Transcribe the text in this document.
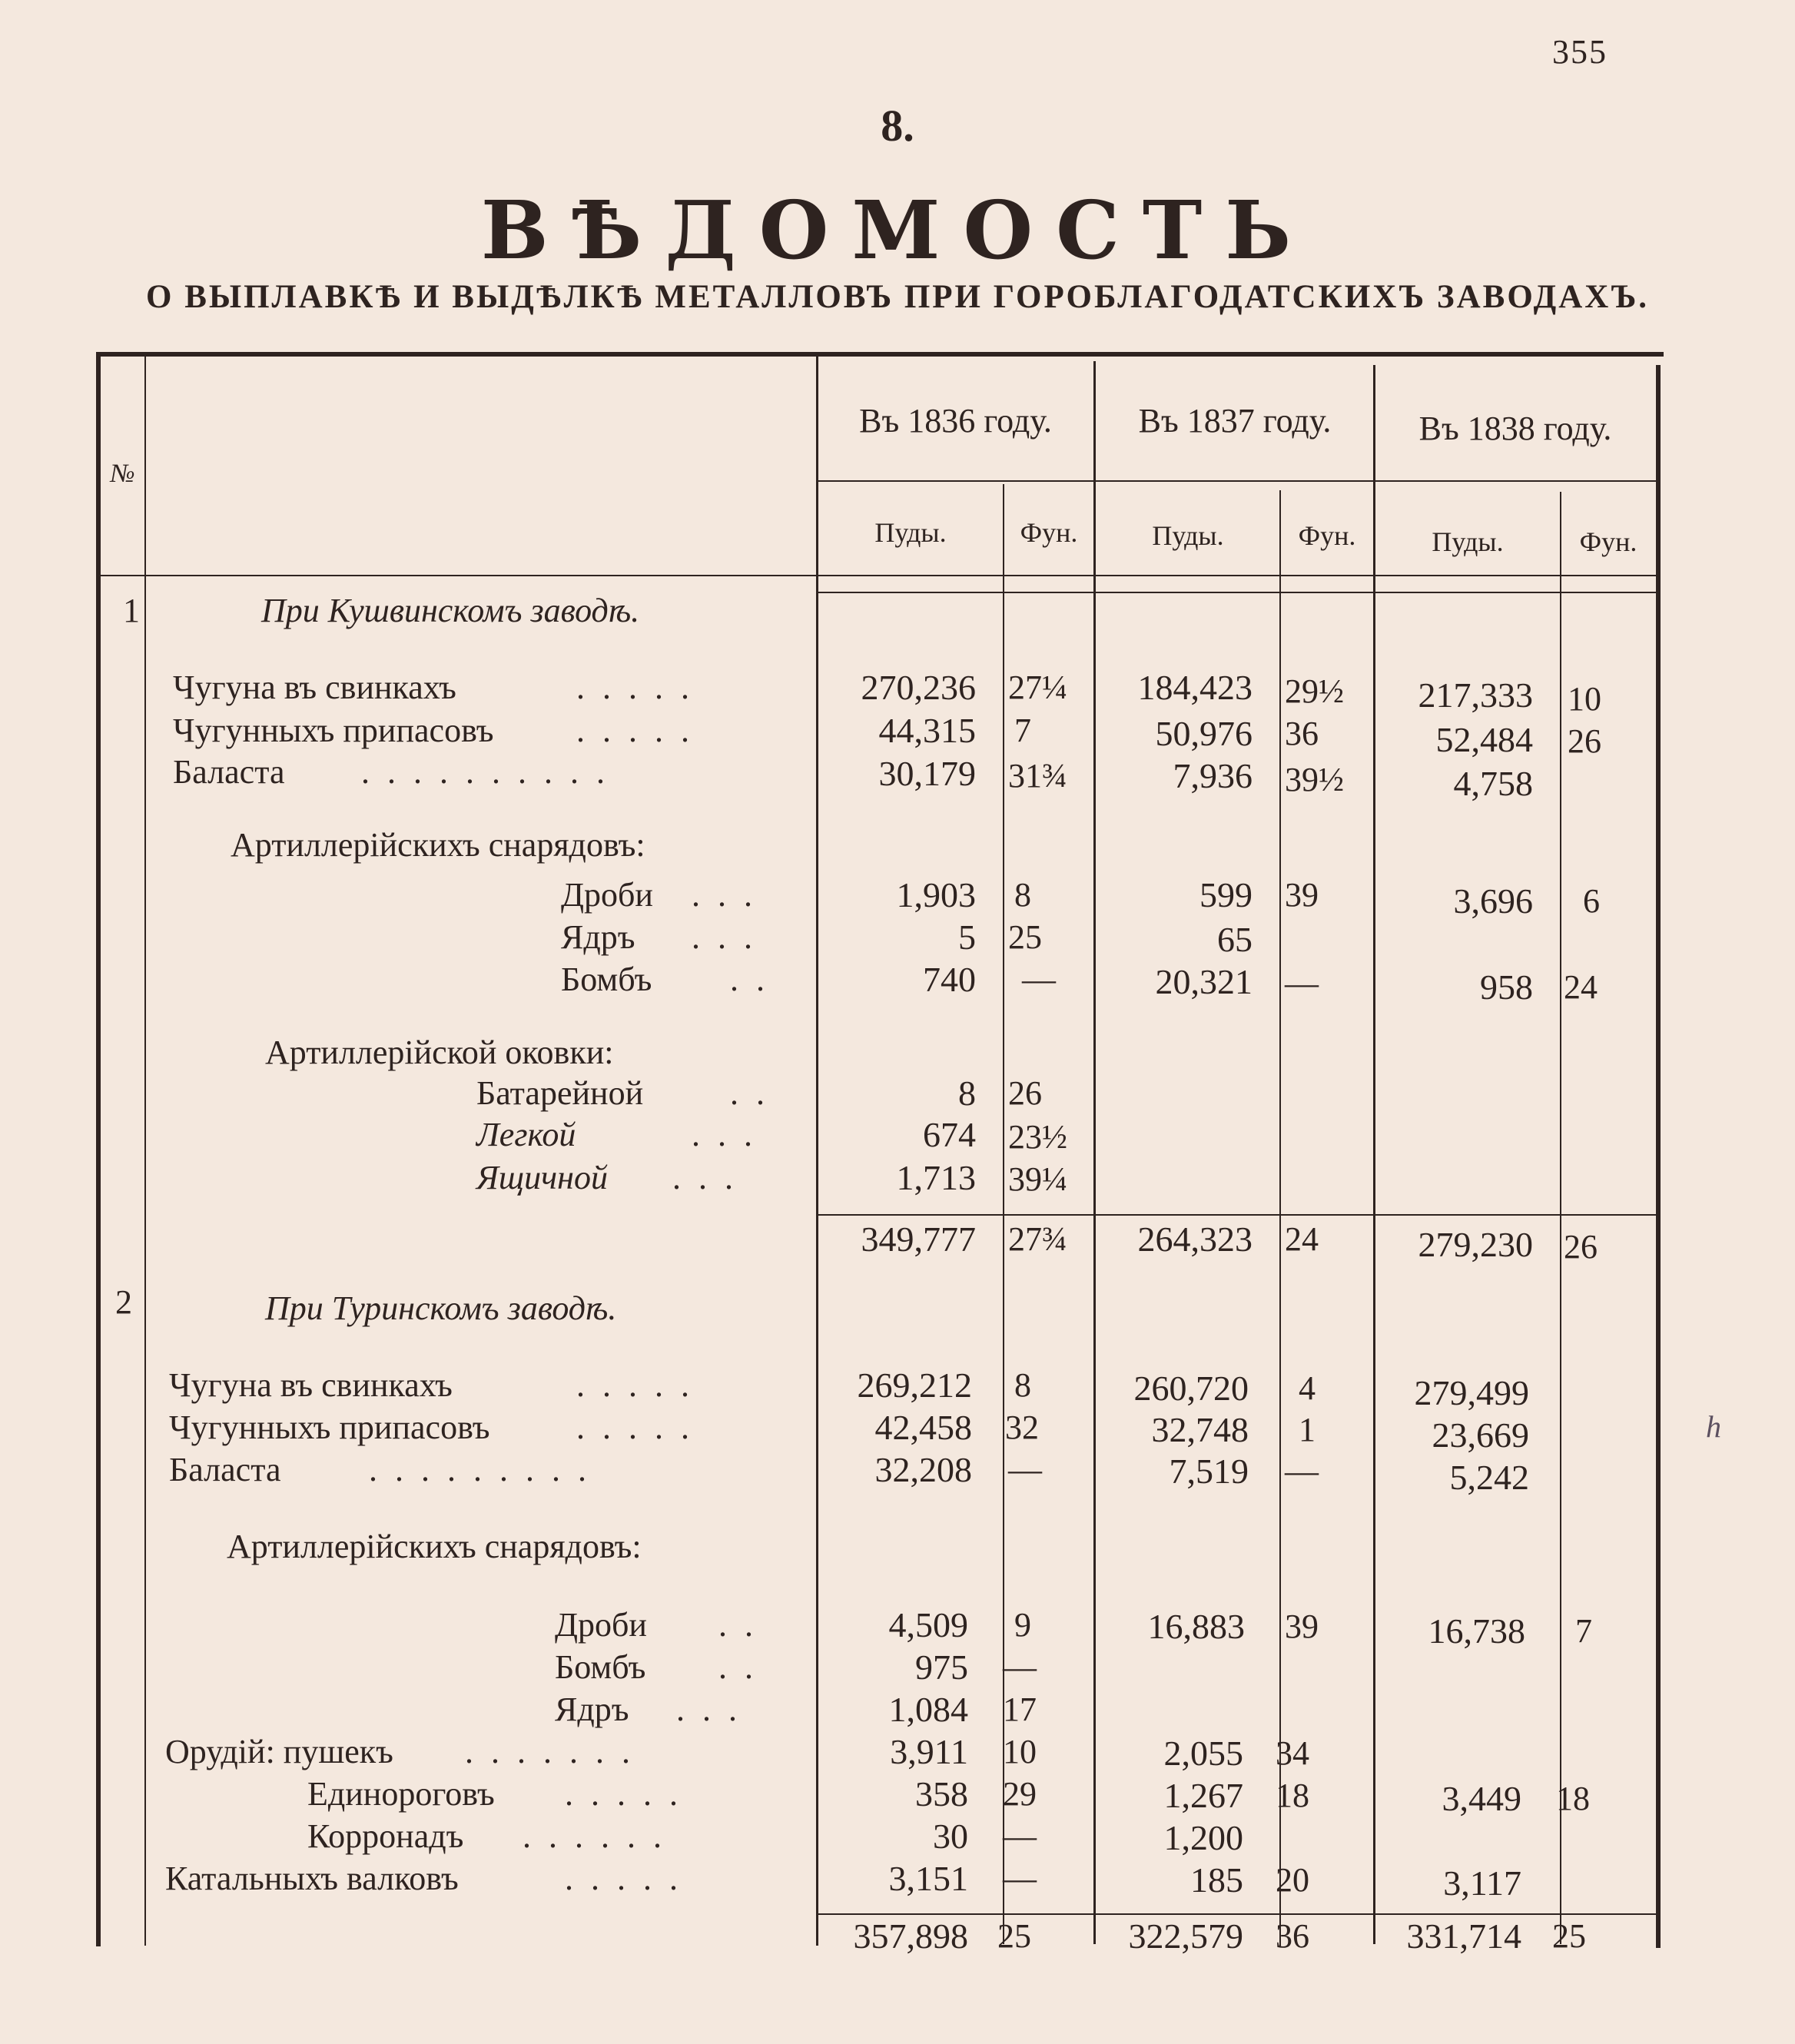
355
8.
ВѢДОМОСТЬ
О ВЫПЛАВКѢ И ВЫДѢЛКѢ МЕТАЛЛОВЪ ПРИ ГОРОБЛАГОДАТСКИХЪ ЗАВОДАХЪ.
№
Въ 1836 году.	Въ 1837 году.	Въ 1838 году.
Пуды.	Фун.	Пуды.	Фун.	Пуды.	Фун.
1	При Кушвинскомъ заводѣ.
Чугуна въ свинкахъ	. . . . .	270,236 27¼	184,423 29½	217,333 10
Чугунныхъ припасовъ . . . . .	44,315 7	50,976 36	52,484 26
Баласта . . . . . . . . . .	30,179 31¾	7,936 39½	4,758
Артиллерійскихъ снарядовъ:
Дроби . . .	1,903 8	599 39	3,696 6
Ядръ . . .	5 25	65
Бомбъ . .	740 —	20,321 —	958 24
Артиллерійской оковки:
Батарейной	. .	8 26
Легкой	. . .	674 23½
Ящичной . . .	1,713 39¼
349,777 27¾	264,323 24	279,230 26
2	При Туринскомъ заводѣ.
Чугуна въ свинкахъ	. . . . .	269,212 8	260,720 4	279,499
Чугунныхъ припасовъ	. . . . .	42,458 32	32,748 1	23,669
Баласта	. . . . . . . . .	32,208 —	7,519 —	5,242
Артиллерійскихъ снарядовъ:
Дроби . .	4,509 9	16,883 39	16,738 7
Бомбъ . .	975 —
Ядръ . . .	1,084 17
Орудій: пушекъ . . . . . . .	3,911 10	2,055 34
Единороговъ . . . . .	358 29	1,267 18	3,449 18
Корронадъ . . . . . .	30 —	1,200
Катальныхъ валковъ	. . . . .	3,151 —	185 20	3,117
357,898 25	322,579 36	331,714 25
h
